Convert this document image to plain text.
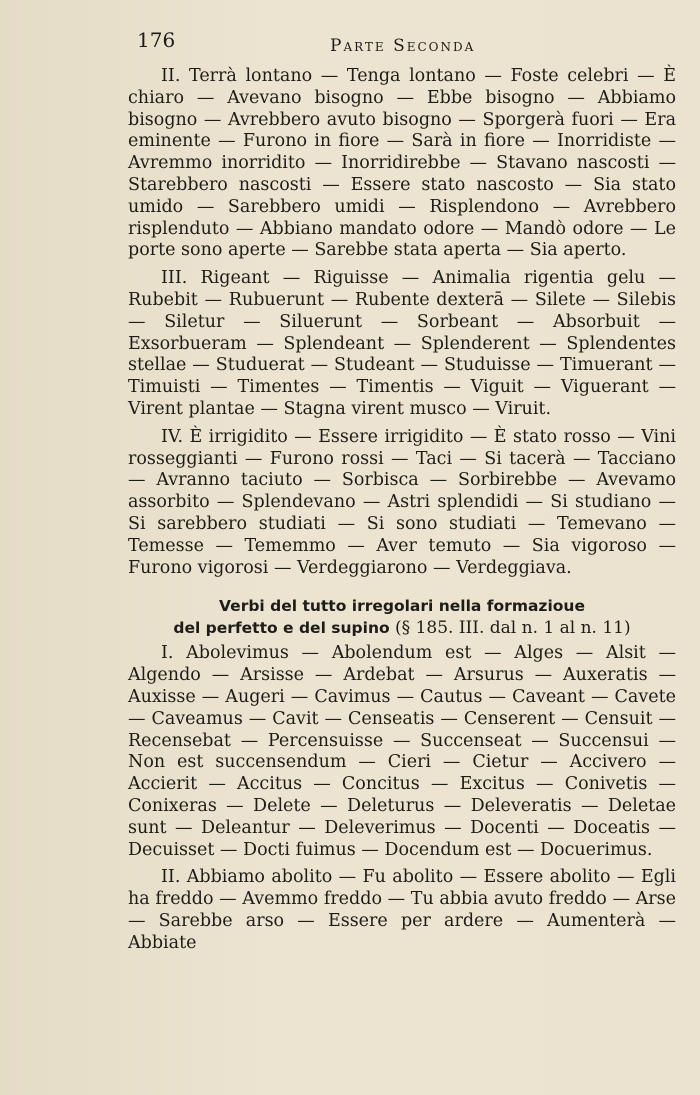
176	Parte Seconda

II. Terrà lontano — Tenga lontano — Foste celebri — È chiaro — Avevano bisogno — Ebbe bisogno — Abbiamo bisogno — Avrebbero avuto bisogno — Sporgerà fuori — Era eminente — Furono in fiore — Sarà in fiore — Inorridiste — Avremmo inorridito — Inorridirebbe — Stavano nascosti — Starebbero nascosti — Essere stato nascosto — Sia stato umido — Sarebbero umidi — Risplendono — Avrebbero risplenduto — Abbiano mandato odore — Mandò odore — Le porte sono aperte — Sarebbe stata aperta — Sia aperto.

III. Rigeant — Riguisse — Animalia rigentia gelu — Rubebit — Rubuerunt — Rubente dexterā — Silete — Silebis — Siletur — Siluerunt — Sorbeant — Absorbuit — Exsorbueram — Splendeant — Splenderent — Splendentes stellae — Studuerat — Studeant — Studuisse — Timuerant — Timuisti — Timentes — Timentis — Viguit — Viguerant — Virent plantae — Stagna virent musco — Viruit.

IV. È irrigidito — Essere irrigidito — È stato rosso — Vini rosseggianti — Furono rossi — Taci — Si tacerà — Tacciano — Avranno taciuto — Sorbisca — Sorbirebbe — Avevamo assorbito — Splendevano — Astri splendidi — Si studiano — Si sarebbero studiati — Si sono studiati — Temevano — Temesse — Tememmo — Aver temuto — Sia vigoroso — Furono vigorosi — Verdeggiarono — Verdeggiava.

Verbi del tutto irregolari nella formazioue
del perfetto e del supino (§ 185. III. dal n. 1 al n. 11)

I. Abolevimus — Abolendum est — Alges — Alsit — Algendo — Arsisse — Ardebat — Arsurus — Auxeratis — Auxisse — Augeri — Cavimus — Cautus — Caveant — Cavete — Caveamus — Cavit — Censeatis — Censerent — Censuit — Recensebat — Percensuisse — Succenseat — Succensui — Non est succensendum — Cieri — Cietur — Accivero — Accierit — Accitus — Concitus — Excitus — Conivetis — Conixeras — Delete — Deleturus — Deleveratis — Deletae sunt — Deleantur — Deleverimus — Docenti — Doceatis — Decuisset — Docti fuimus — Docendum est — Docuerimus.

II. Abbiamo abolito — Fu abolito — Essere abolito — Egli ha freddo — Avemmo freddo — Tu abbia avuto freddo — Arse — Sarebbe arso — Essere per ardere — Aumenterà — Abbiate
